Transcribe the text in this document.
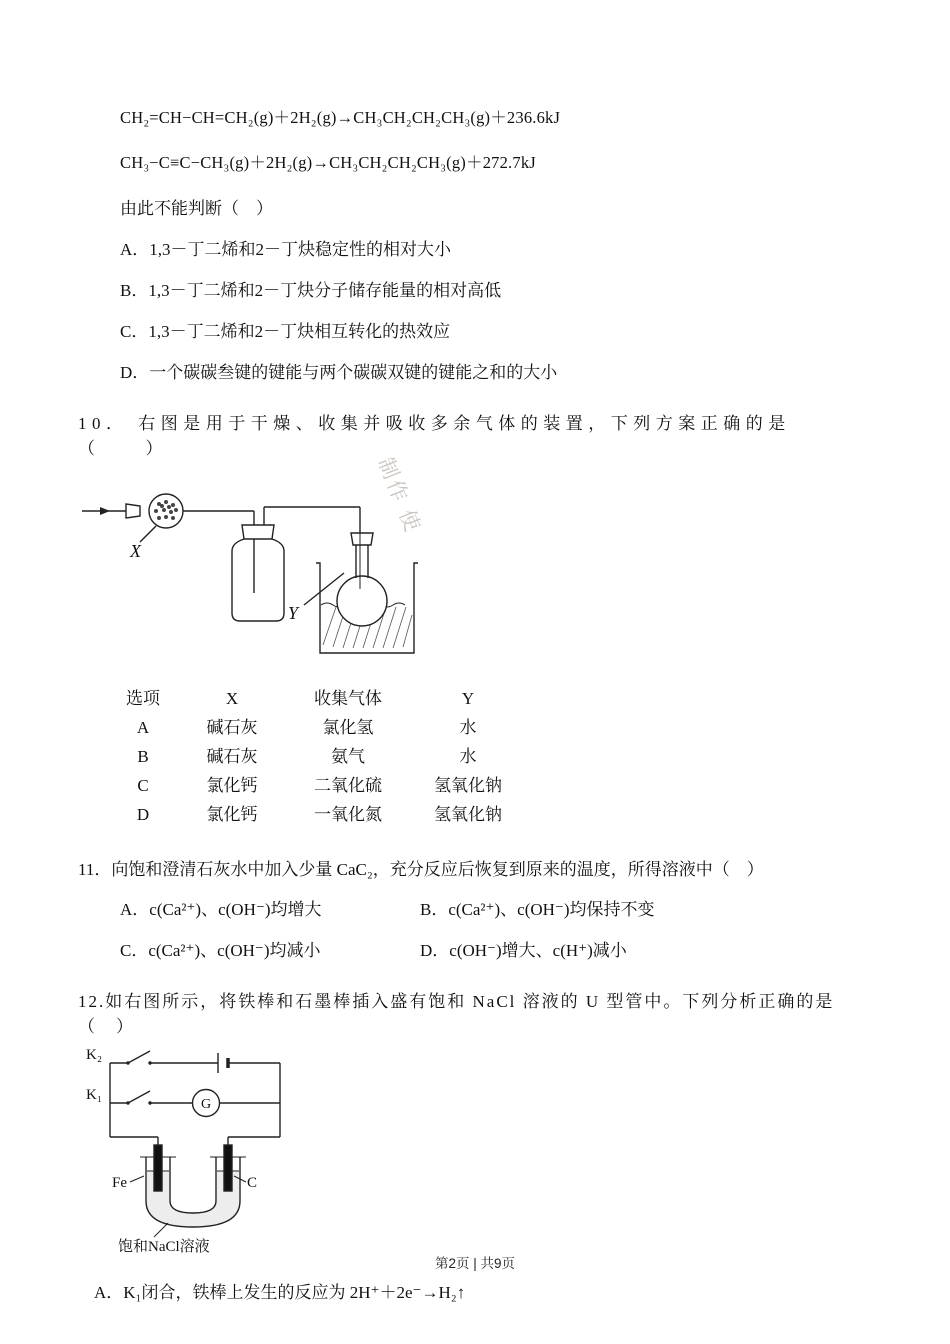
CH₂=CH−CH=CH₂(g)＋2H₂(g)→CH₃CH₂CH₂CH₃(g)＋236.6kJ

CH₃−C≡C−CH₃(g)＋2H₂(g)→CH₃CH₂CH₂CH₃(g)＋272.7kJ

由此不能判断（　）

A．1,3－丁二烯和2－丁炔稳定性的相对大小

B．1,3－丁二烯和2－丁炔分子储存能量的相对高低

C．1,3－丁二烯和2－丁炔相互转化的热效应

D．一个碳碳叁键的键能与两个碳碳双键的键能之和的大小

10． 右图是用于干燥、收集并吸收多余气体的装置，下列方案正确的是（　　）

X
Y
选项	X	收集气体	Y
A	碱石灰	氯化氢	水
B	碱石灰	氨气	水
C	氯化钙	二氧化硫	氢氧化钠
D	氯化钙	一氧化氮	氢氧化钠

11．向饱和澄清石灰水中加入少量 CaC₂，充分反应后恢复到原来的温度，所得溶液中（　）

A．c(Ca²⁺)、c(OH⁻)均增大	B．c(Ca²⁺)、c(OH⁻)均保持不变
C．c(Ca²⁺)、c(OH⁻)均减小	D．c(OH⁻)增大、c(H⁺)减小

12.如右图所示，将铁棒和石墨棒插入盛有饱和 NaCl 溶液的 U 型管中。下列分析正确的是（　）

K₂
K₁
G
Fe	C
饱和NaCl溶液

A．K₁闭合，铁棒上发生的反应为 2H⁺＋2e⁻→H₂↑

制作 使
第2页 | 共9页
